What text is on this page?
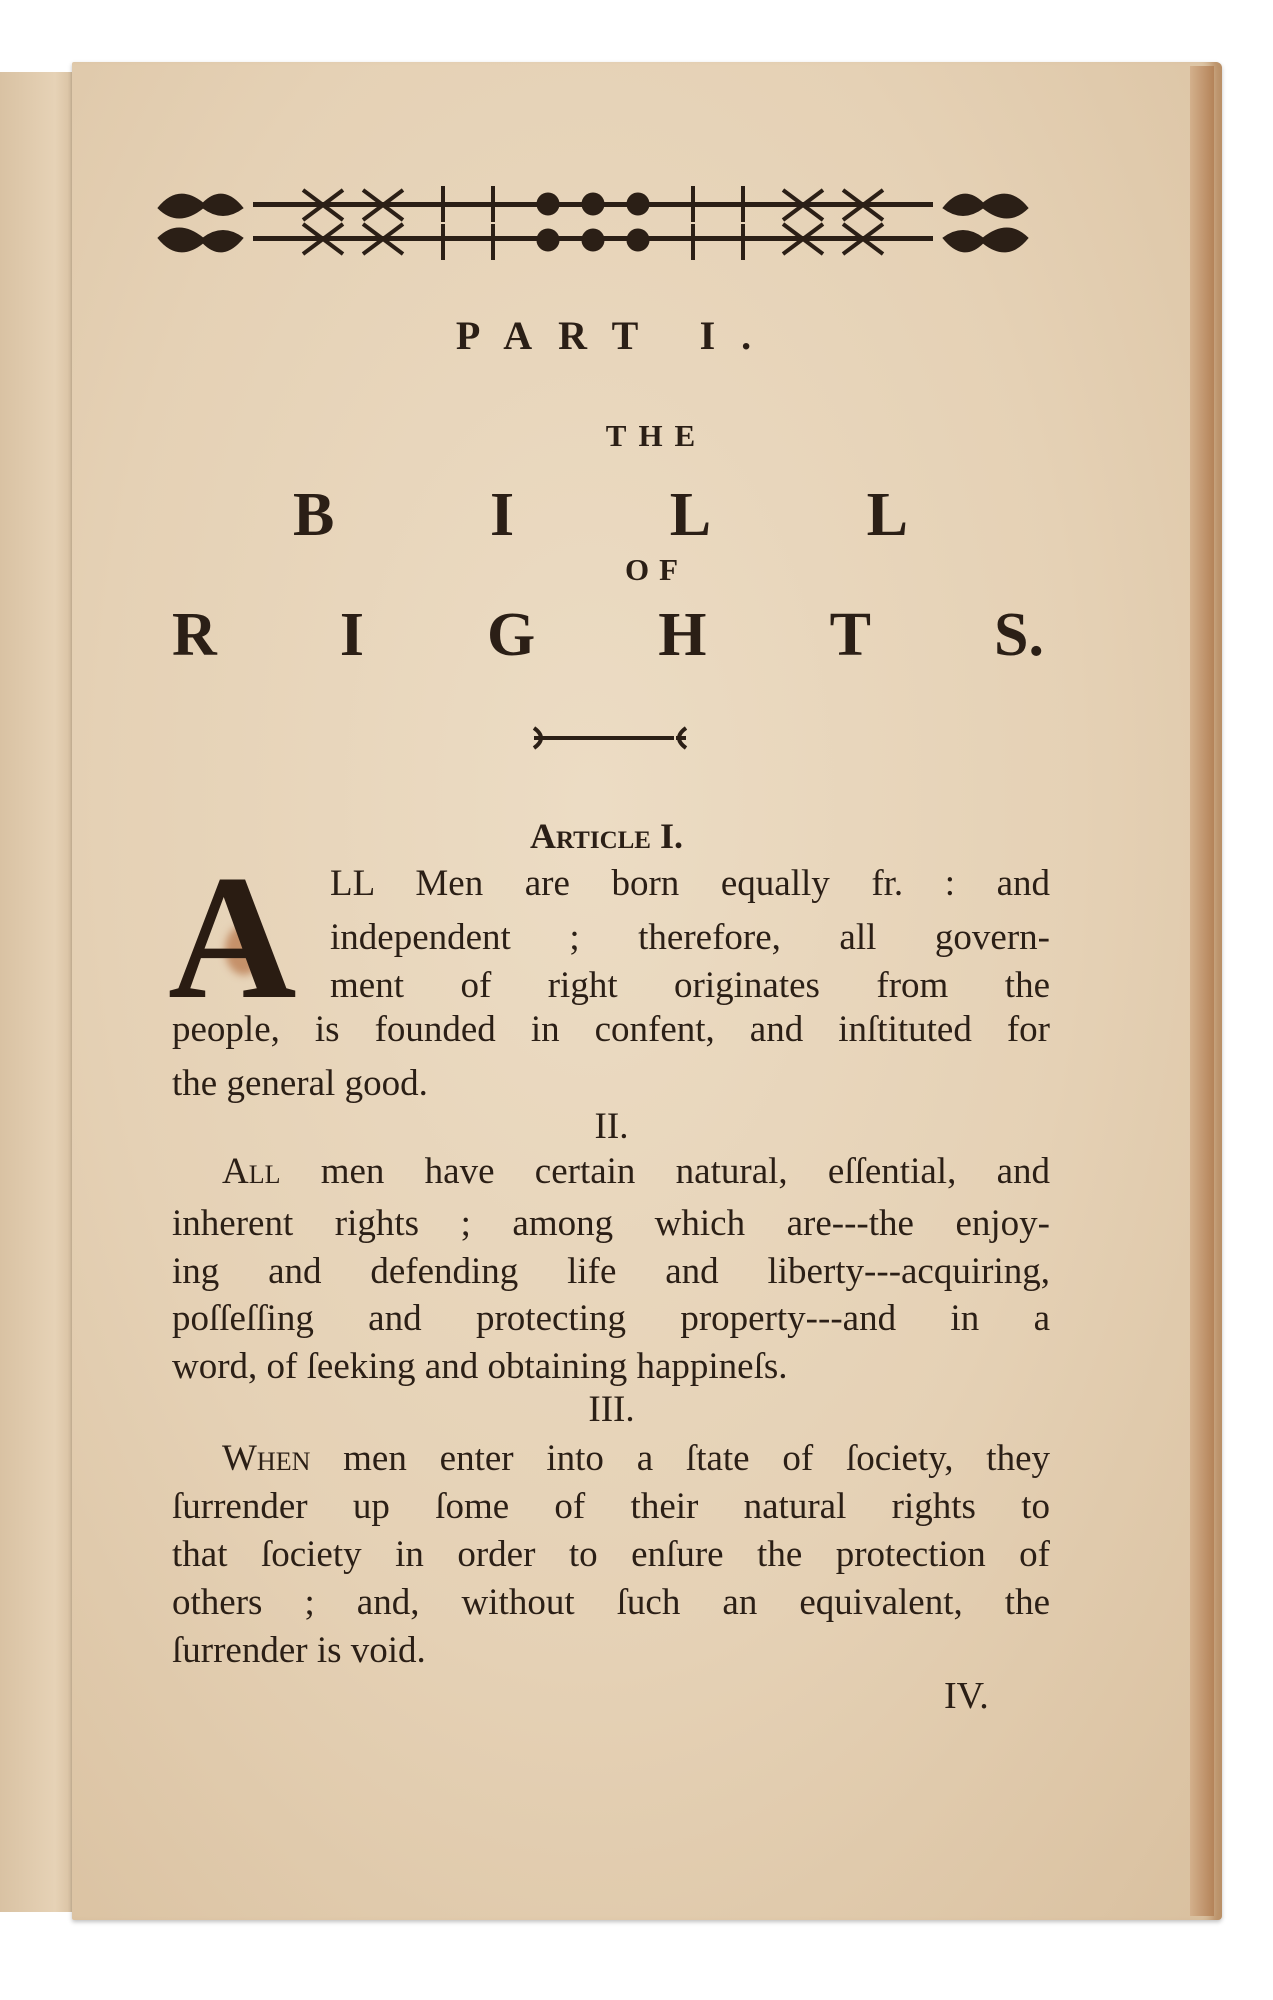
PART I.
THE
B	I	L	L
OF
R I G H T S.
Article I.
A LL Men are born equally fr. : and
independent ; therefore, all govern-
ment of right originates from the
people, is founded in confent, and inſtituted for
the general good.
II.
All men have certain natural, eſſential, and
inherent rights ; among which are---the enjoy-
ing and defending life and liberty---acquiring,
poſſeſſing and protecting property---and in a
word, of ſeeking and obtaining happineſs.
III.
When men enter into a ſtate of ſociety, they
ſurrender up ſome of their natural rights to
that ſociety in order to enſure the protection of
others ; and, without ſuch an equivalent, the
ſurrender is void.
IV.
